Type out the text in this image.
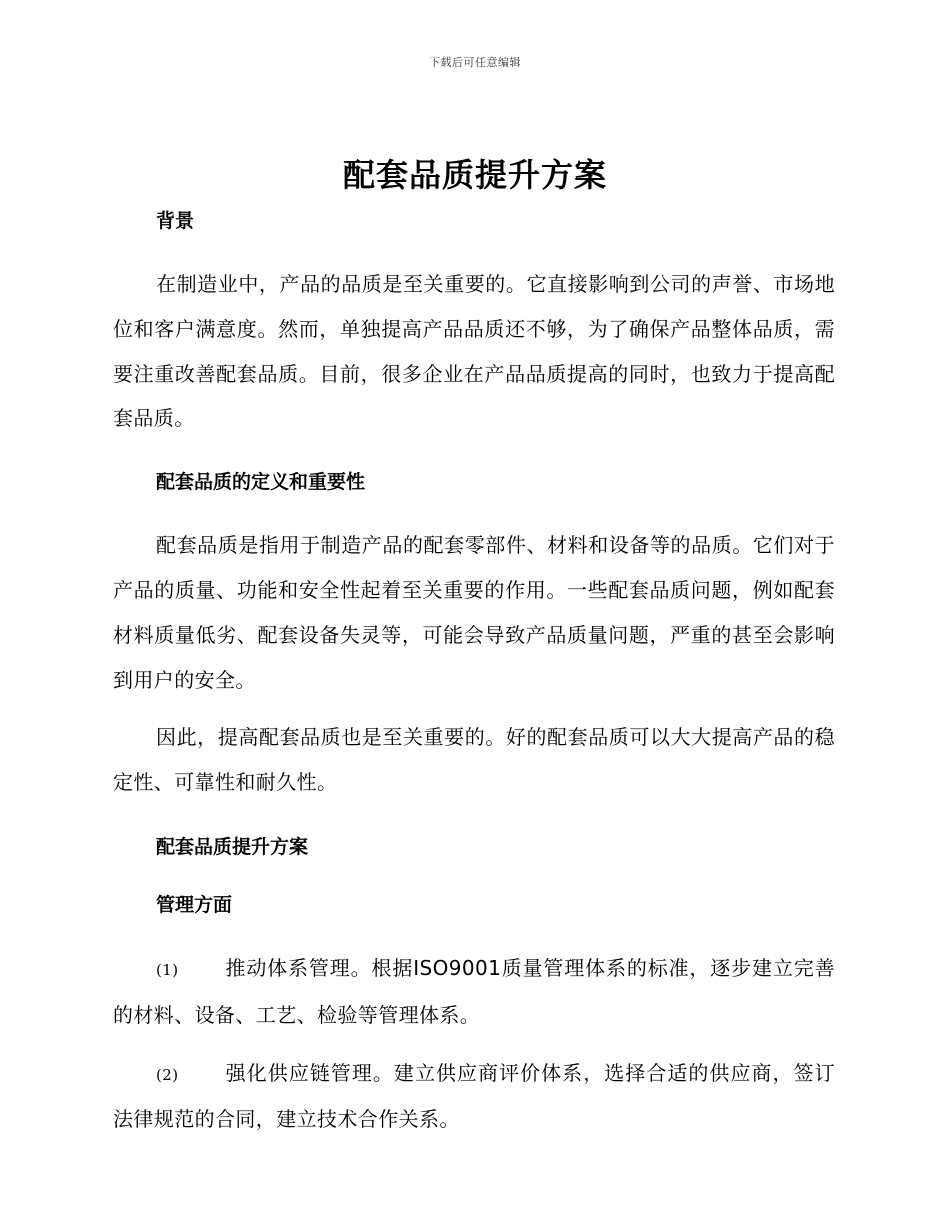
下载后可任意编辑
配套品质提升方案

背景

在制造业中，产品的品质是至关重要的。它直接影响到公司的声誉、市场地位和客户满意度。然而，单独提高产品品质还不够，为了确保产品整体品质，需要注重改善配套品质。目前，很多企业在产品品质提高的同时，也致力于提高配套品质。

配套品质的定义和重要性

配套品质是指用于制造产品的配套零部件、材料和设备等的品质。它们对于产品的质量、功能和安全性起着至关重要的作用。一些配套品质问题，例如配套材料质量低劣、配套设备失灵等，可能会导致产品质量问题，严重的甚至会影响到用户的安全。

因此，提高配套品质也是至关重要的。好的配套品质可以大大提高产品的稳定性、可靠性和耐久性。

配套品质提升方案

管理方面

(1) 推动体系管理。根据ISO9001质量管理体系的标准，逐步建立完善的材料、设备、工艺、检验等管理体系。

(2) 强化供应链管理。建立供应商评价体系，选择合适的供应商，签订法律规范的合同，建立技术合作关系。
